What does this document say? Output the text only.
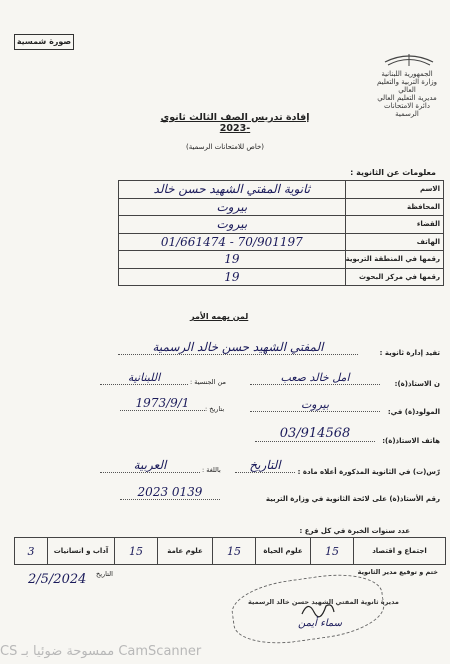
صورة شمسية
الجمهورية اللبنانية
وزارة التربية والتعليم العالي
مديرية التعليم العالي
دائرة الامتحانات الرسمية
إفادة تدريس الصف الثالث ثانوي -2023
(خاص للامتحانات الرسمية)
معلومات عن الثانوية :
ثانوية المفتي الشهيد حسن خالد	الاسم
بيروت	المحافظة
بيروت	القضاء
01/661474 - 70/901197	الهاتف
19	رقمها في المنطقة التربوية
19	رقمها في مركز البحوث
لمن يهمه الأمر
تفيد إدارة ثانوية :
المفتي الشهيد حسن خالد الرسمية
ن الاستاذ(ة):
امل خالد صعب
من الجنسية :
اللبنانية
المولود(ة) في:
بيروت
بتاريخ :
1973/9/1
هاتف الاستاذ(ة):
03/914568
رّس(ت) في الثانوية المذكورة أعلاه مادة :
التاريخ
باللغة :
العربية
رقم الأستاذ(ة) على لائحة الثانوية في وزارة التربية
2023 0139
عدد سنوات الخبرة في كل فرع :
3	آداب و انسانيات	15	علوم عامة	15	علوم الحياة	15	اجتماع و اقتصاد
ختم و توقيع مدير الثانوية
التاريخ
2/5/2024
مديرة ثانوية المفتي الشهيد حسن خالد الرسمية
سماء أيمن
CS ممسوحة ضوئيا بـ CamScanner
